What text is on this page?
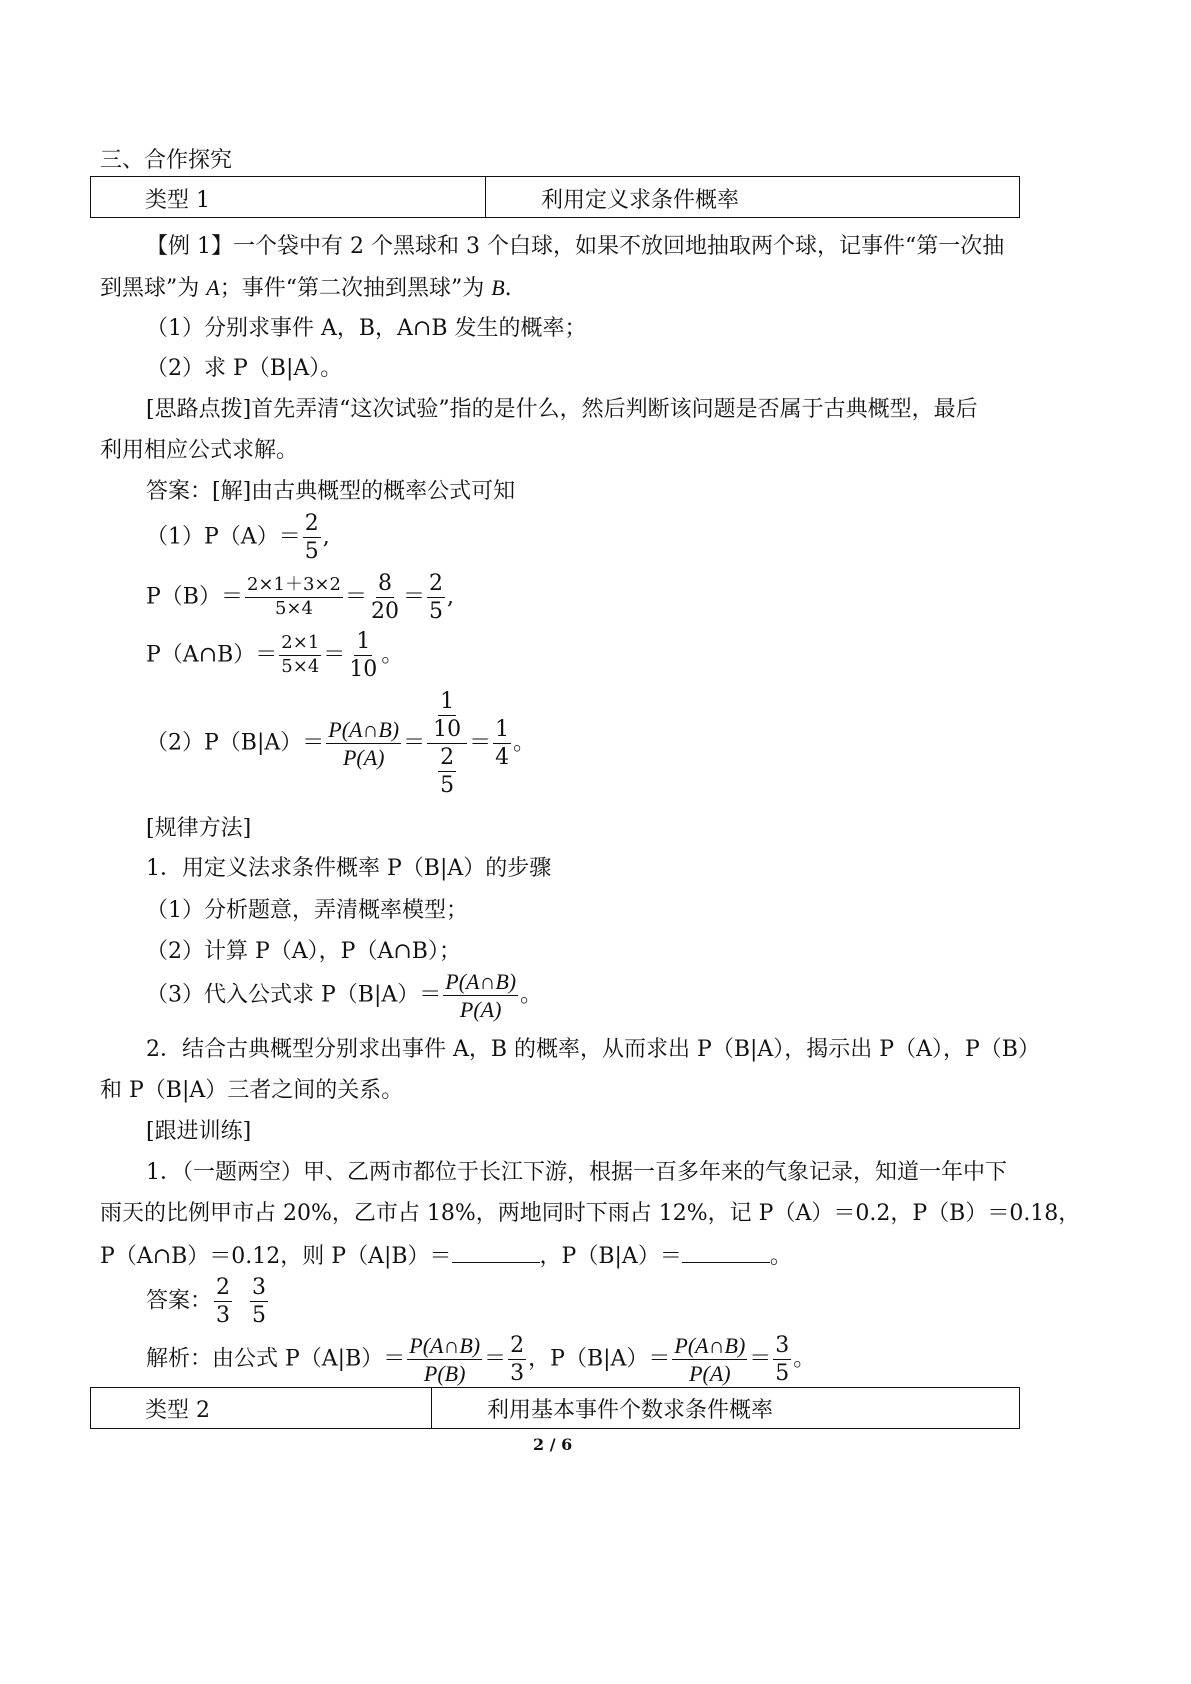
三、合作探究
类型 1	利用定义求条件概率
【例 1】一个袋中有 2 个黑球和 3 个白球，如果不放回地抽取两个球，记事件“第一次抽
到黑球”为 A；事件“第二次抽到黑球”为 B.
（1）分别求事件 A，B，A∩B 发生的概率；
（2）求 P（B|A）。
[思路点拨]首先弄清“这次试验”指的是什么，然后判断该问题是否属于古典概型，最后
利用相应公式求解。
答案：[解]由古典概型的概率公式可知
$(1)P(A)= \frac{2}{5}$ ,
$P(B)= \frac{2\times 1+3\times 2}{5\times 4} = \frac{8}{20} = \frac{2}{5}$ ,
P（A∩B）＝ $\frac{2\times 1}{5\times 4} = \frac{1}{10}$ 。
$(2)P(B|A)= \frac{P(A\cap B)}{P(A)} = \frac{\frac{1}{10}}{\frac{2}{5}} = \frac{1}{4}$ 。
[规律方法]
1．用定义法求条件概率 P（B|A）的步骤
（1）分析题意，弄清概率模型；
（2）计算 P（A），P（A∩B）；
（3）代入公式求 $P(B|A)= \frac{P(A\cap B)}{P(A)}$ 。
2．结合古典概型分别求出事件 A，B 的概率，从而求出 P（B|A），揭示出 P（A），P（B）
和 P（B|A）三者之间的关系。
[跟进训练]
1．（一题两空）甲、乙两市都位于长江下游，根据一百多年来的气象记录，知道一年中下
雨天的比例甲市占 20%，乙市占 18%，两地同时下雨占 12%，记 P（A）＝0.2，P（B）＝0.18，
P（A∩B）＝0.12，则 P（A|B）＝	，P（B|A）＝	。
答案： $\frac{2}{3}$
$\frac{3}{5}$
解析：由公式 $P(A|B)= \frac{P(A\cap B)}{P(B)} = \frac{2}{3}$ ，$P(B|A)= \frac{P(A\cap B)}{P(A)} = \frac{3}{5}$ 。
类型 2	利用基本事件个数求条件概率
2 / 6
